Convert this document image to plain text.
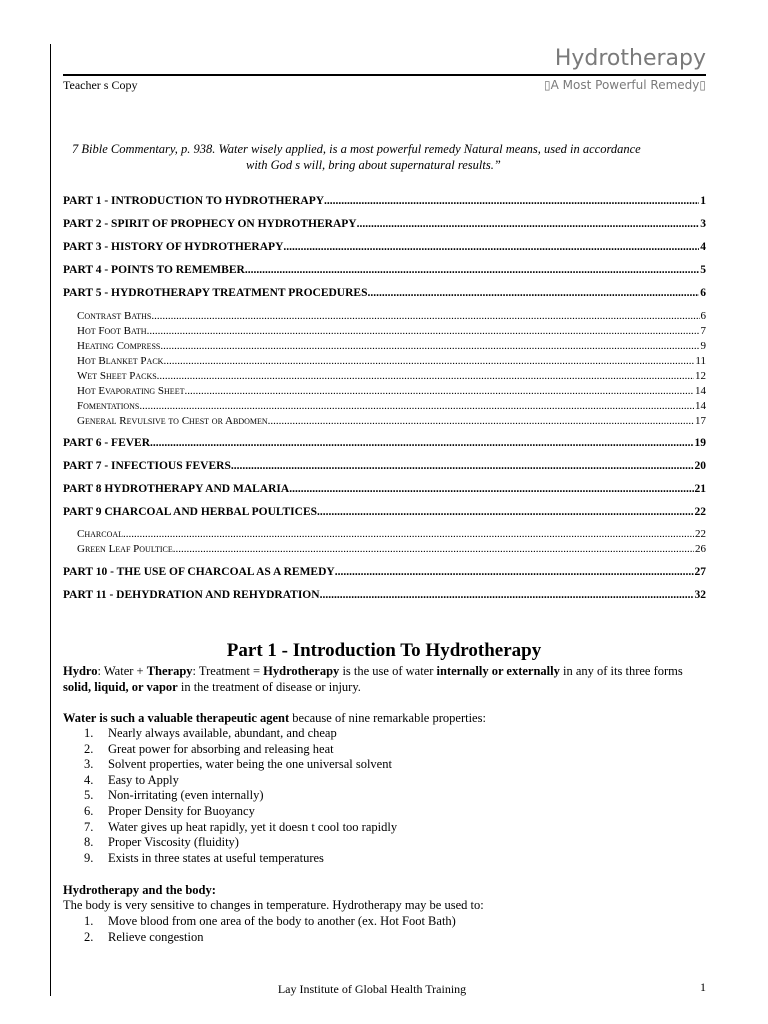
Hydrotherapy
Teacher s Copy	▯A Most Powerful Remedy▯
7 Bible Commentary, p. 938. Water wisely applied, is a most powerful remedy Natural means, used in accordance
with God s will, bring about supernatural results.”
PART 1 - INTRODUCTION TO HYDROTHERAPY .....	1
PART 2 - SPIRIT OF PROPHECY ON HYDROTHERAPY .....	3
PART 3 - HISTORY OF HYDROTHERAPY .....	4
PART 4 - POINTS TO REMEMBER .....	5
PART 5 - HYDROTHERAPY TREATMENT PROCEDURES .....	6
Contrast Baths .....	6
Hot Foot Bath .....	7
Heating Compress .....	9
Hot Blanket Pack .....	11
Wet Sheet Packs .....	12
Hot Evaporating Sheet .....	14
Fomentations .....	14
General Revulsive to Chest or Abdomen .....	17
PART 6 - FEVER .....	19
PART 7 - INFECTIOUS FEVERS .....	20
PART 8 HYDROTHERAPY AND MALARIA .....	21
PART 9 CHARCOAL AND HERBAL POULTICES .....	22
Charcoal .....	22
Green Leaf Poultice .....	26
PART 10 - THE USE OF CHARCOAL AS A REMEDY .....	27
PART 11 - DEHYDRATION AND REHYDRATION .....	32
Part 1 - Introduction To Hydrotherapy
Hydro: Water + Therapy: Treatment = Hydrotherapy is the use of water internally or externally in any of its three forms solid, liquid, or vapor in the treatment of disease or injury.
Water is such a valuable therapeutic agent because of nine remarkable properties:
1.	Nearly always available, abundant, and cheap
2.	Great power for absorbing and releasing heat
3.	Solvent properties, water being the one universal solvent
4.	Easy to Apply
5.	Non-irritating (even internally)
6.	Proper Density for Buoyancy
7.	Water gives up heat rapidly, yet it doesn t cool too rapidly
8.	Proper Viscosity (fluidity)
9.	Exists in three states at useful temperatures
Hydrotherapy and the body:
The body is very sensitive to changes in temperature. Hydrotherapy may be used to:
1.	Move blood from one area of the body to another (ex. Hot Foot Bath)
2.	Relieve congestion
Lay Institute of Global Health Training	1
